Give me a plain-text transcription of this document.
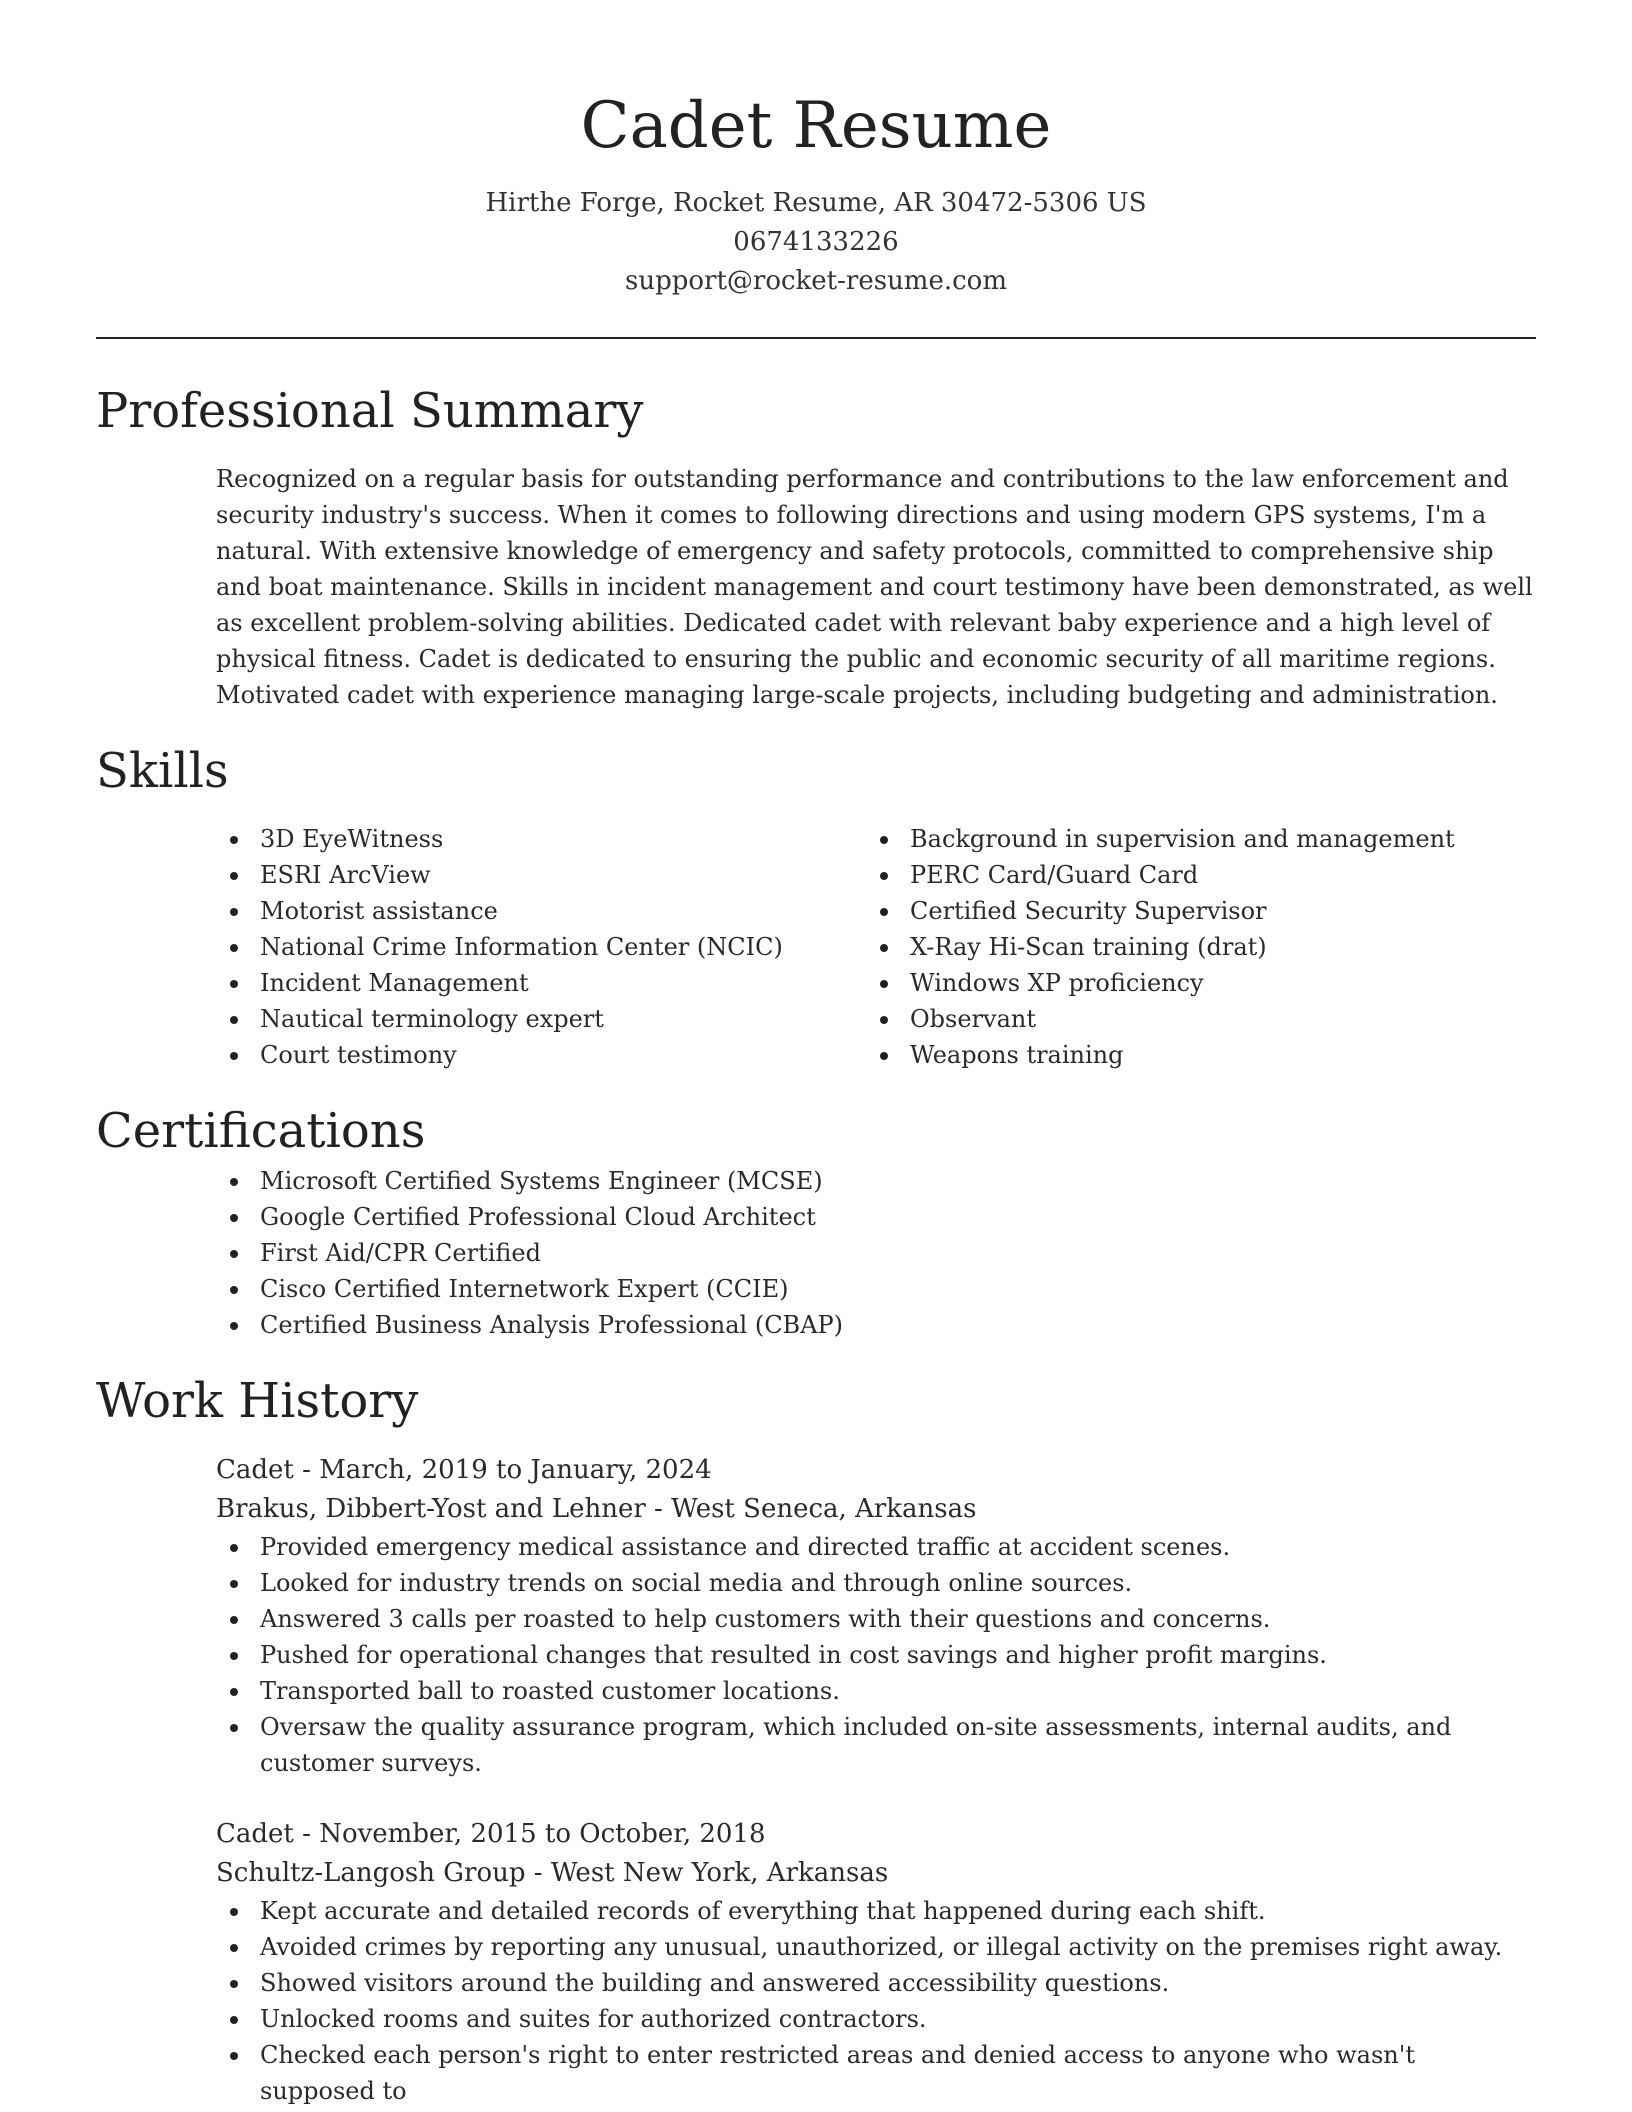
Cadet Resume
Hirthe Forge, Rocket Resume, AR 30472-5306 US
0674133226
support@rocket-resume.com
Professional Summary

Recognized on a regular basis for outstanding performance and contributions to the law enforcement and security industry's success. When it comes to following directions and using modern GPS systems, I'm a natural. With extensive knowledge of emergency and safety protocols, committed to comprehensive ship and boat maintenance. Skills in incident management and court testimony have been demonstrated, as well as excellent problem-solving abilities. Dedicated cadet with relevant baby experience and a high level of physical fitness. Cadet is dedicated to ensuring the public and economic security of all maritime regions. Motivated cadet with experience managing large-scale projects, including budgeting and administration.

Skills
3D EyeWitness
ESRI ArcView
Motorist assistance
National Crime Information Center (NCIC)
Incident Management
Nautical terminology expert
Court testimony
Background in supervision and management
PERC Card/Guard Card
Certified Security Supervisor
X-Ray Hi-Scan training (drat)
Windows XP proficiency
Observant
Weapons training
Certifications
Microsoft Certified Systems Engineer (MCSE)
Google Certified Professional Cloud Architect
First Aid/CPR Certified
Cisco Certified Internetwork Expert (CCIE)
Certified Business Analysis Professional (CBAP)
Work History
Cadet - March, 2019 to January, 2024
Brakus, Dibbert-Yost and Lehner - West Seneca, Arkansas
Provided emergency medical assistance and directed traffic at accident scenes.
Looked for industry trends on social media and through online sources.
Answered 3 calls per roasted to help customers with their questions and concerns.
Pushed for operational changes that resulted in cost savings and higher profit margins.
Transported ball to roasted customer locations.
Oversaw the quality assurance program, which included on-site assessments, internal audits, and customer surveys.
Cadet - November, 2015 to October, 2018
Schultz-Langosh Group - West New York, Arkansas
Kept accurate and detailed records of everything that happened during each shift.
Avoided crimes by reporting any unusual, unauthorized, or illegal activity on the premises right away.
Showed visitors around the building and answered accessibility questions.
Unlocked rooms and suites for authorized contractors.
Checked each person's right to enter restricted areas and denied access to anyone who wasn't supposed to
